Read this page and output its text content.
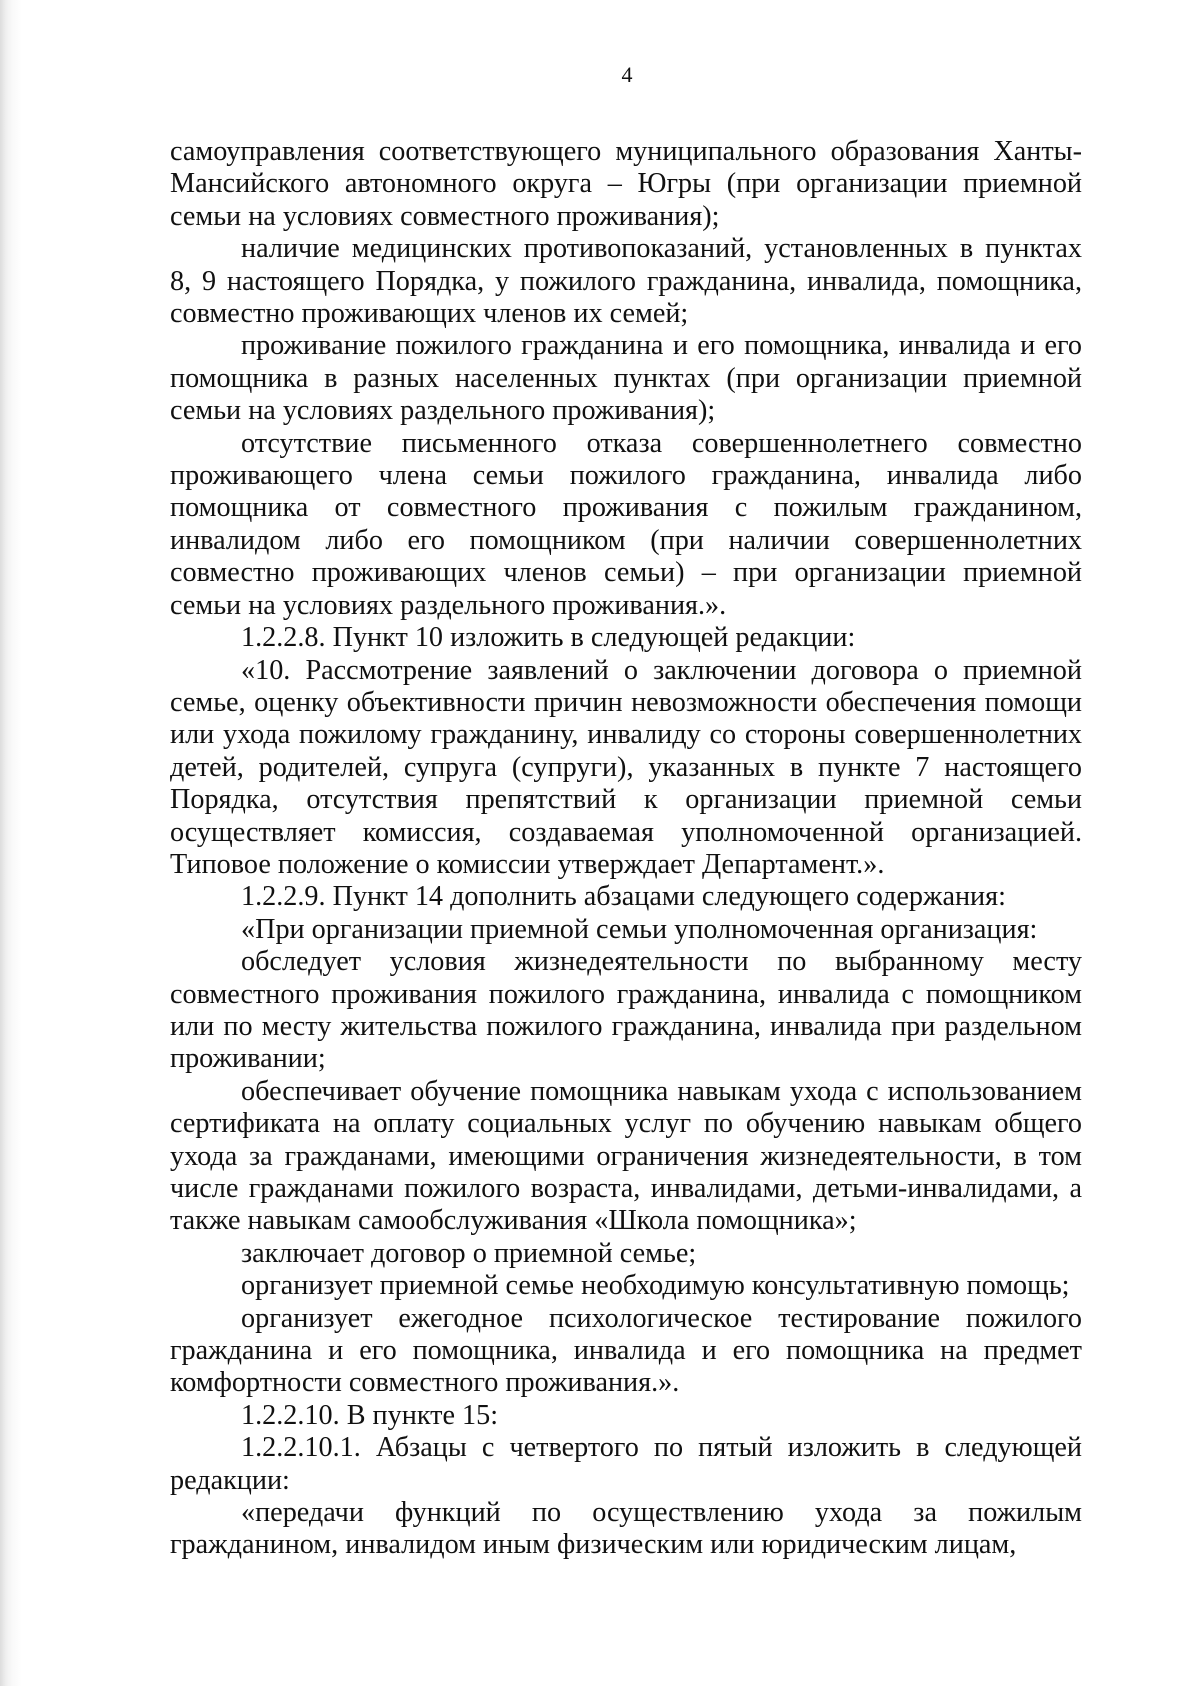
4

самоуправления соответствующего муниципального образования Ханты-Мансийского автономного округа – Югры (при организации приемной семьи на условиях совместного проживания);

наличие медицинских противопоказаний, установленных в пунктах 8, 9 настоящего Порядка, у пожилого гражданина, инвалида, помощника, совместно проживающих членов их семей;

проживание пожилого гражданина и его помощника, инвалида и его помощника в разных населенных пунктах (при организации приемной семьи на условиях раздельного проживания);

отсутствие письменного отказа совершеннолетнего совместно проживающего члена семьи пожилого гражданина, инвалида либо помощника от совместного проживания с пожилым гражданином, инвалидом либо его помощником (при наличии совершеннолетних совместно проживающих членов семьи) – при организации приемной семьи на условиях раздельного проживания.».

1.2.2.8. Пункт 10 изложить в следующей редакции:

«10. Рассмотрение заявлений о заключении договора о приемной семье, оценку объективности причин невозможности обеспечения помощи или ухода пожилому гражданину, инвалиду со стороны совершеннолетних детей, родителей, супруга (супруги), указанных в пункте 7 настоящего Порядка, отсутствия препятствий к организации приемной семьи осуществляет комиссия, создаваемая уполномоченной организацией. Типовое положение о комиссии утверждает Департамент.».

1.2.2.9. Пункт 14 дополнить абзацами следующего содержания:

«При организации приемной семьи уполномоченная организация:

обследует условия жизнедеятельности по выбранному месту совместного проживания пожилого гражданина, инвалида с помощником или по месту жительства пожилого гражданина, инвалида при раздельном проживании;

обеспечивает обучение помощника навыкам ухода с использованием сертификата на оплату социальных услуг по обучению навыкам общего ухода за гражданами, имеющими ограничения жизнедеятельности, в том числе гражданами пожилого возраста, инвалидами, детьми-инвалидами, а также навыкам самообслуживания «Школа помощника»;

заключает договор о приемной семье;

организует приемной семье необходимую консультативную помощь;

организует ежегодное психологическое тестирование пожилого гражданина и его помощника, инвалида и его помощника на предмет комфортности совместного проживания.».

1.2.2.10. В пункте 15:

1.2.2.10.1. Абзацы с четвертого по пятый изложить в следующей редакции:

«передачи функций по осуществлению ухода за пожилым гражданином, инвалидом иным физическим или юридическим лицам,
